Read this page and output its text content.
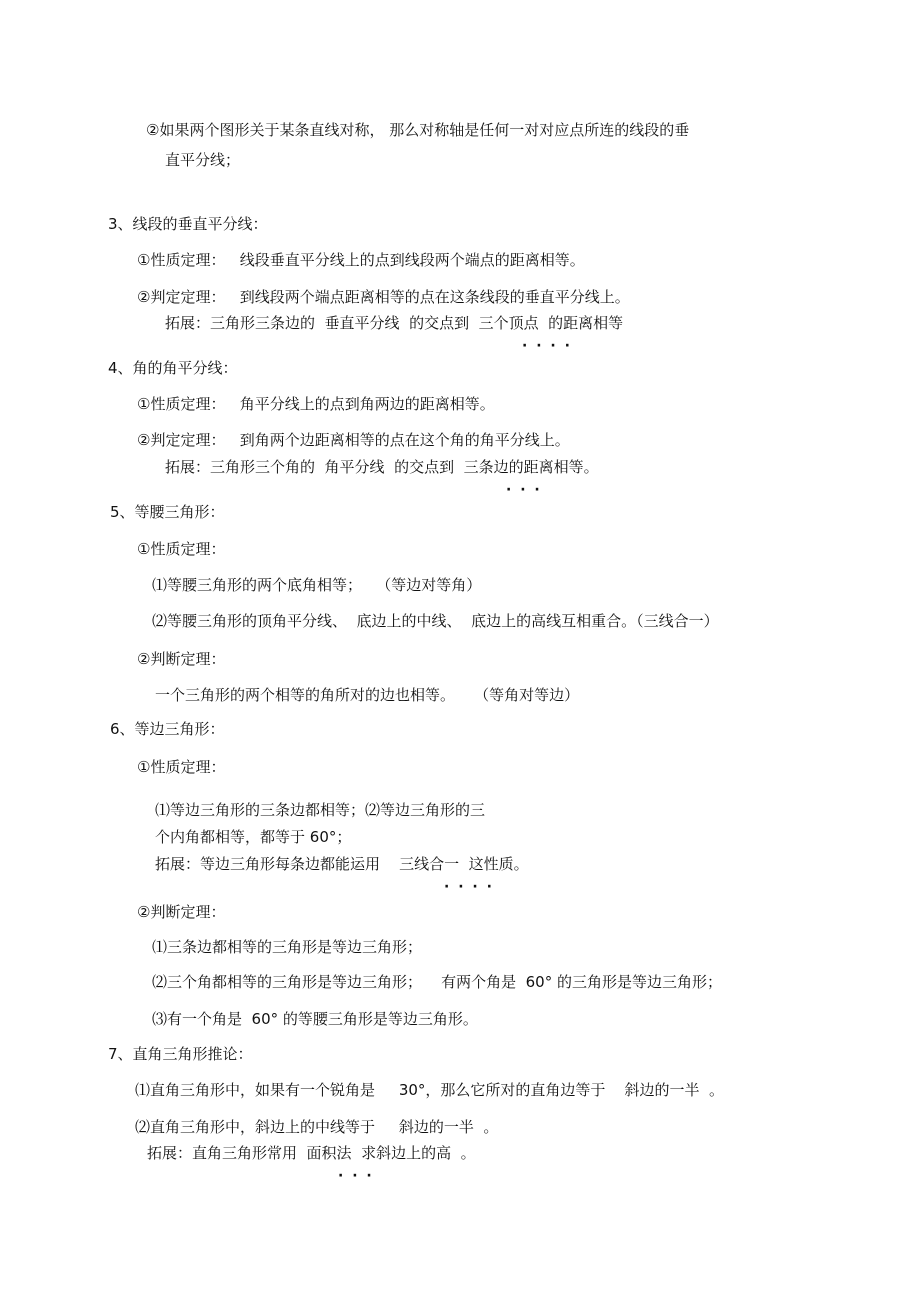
②如果两个图形关于某条直线对称， 那么对称轴是任何一对对应点所连的线段的垂
直平分线；
3、线段的垂直平分线：
①性质定理：   线段垂直平分线上的点到线段两个端点的距离相等。
②判定定理：   到线段两个端点距离相等的点在这条线段的垂直平分线上。
拓展：三角形三条边的  垂直平分线  的交点到  三个顶点  的距离相等
· · · ·
4、角的角平分线：
①性质定理：   角平分线上的点到角两边的距离相等。
②判定定理：   到角两个边距离相等的点在这个角的角平分线上。
拓展：三角形三个角的  角平分线  的交点到  三条边的距离相等。
· · ·
5、等腰三角形：
①性质定理：
⑴等腰三角形的两个底角相等；   （等边对等角）
⑵等腰三角形的顶角平分线、  底边上的中线、  底边上的高线互相重合。（三线合一）
②判断定理：
一个三角形的两个相等的角所对的边也相等。    （等角对等边）
6、等边三角形：
①性质定理：
⑴等边三角形的三条边都相等；⑵等边三角形的三
个内角都相等，都等于 60°；
拓展：等边三角形每条边都能运用    三线合一  这性质。
· · · ·
②判断定理：
⑴三条边都相等的三角形是等边三角形；
⑵三个角都相等的三角形是等边三角形；    有两个角是  60° 的三角形是等边三角形；
⑶有一个角是  60° 的等腰三角形是等边三角形。
7、直角三角形推论：
⑴直角三角形中，如果有一个锐角是     30°，那么它所对的直角边等于    斜边的一半  。
⑵直角三角形中，斜边上的中线等于     斜边的一半  。
拓展：直角三角形常用  面积法  求斜边上的高  。
· · ·
